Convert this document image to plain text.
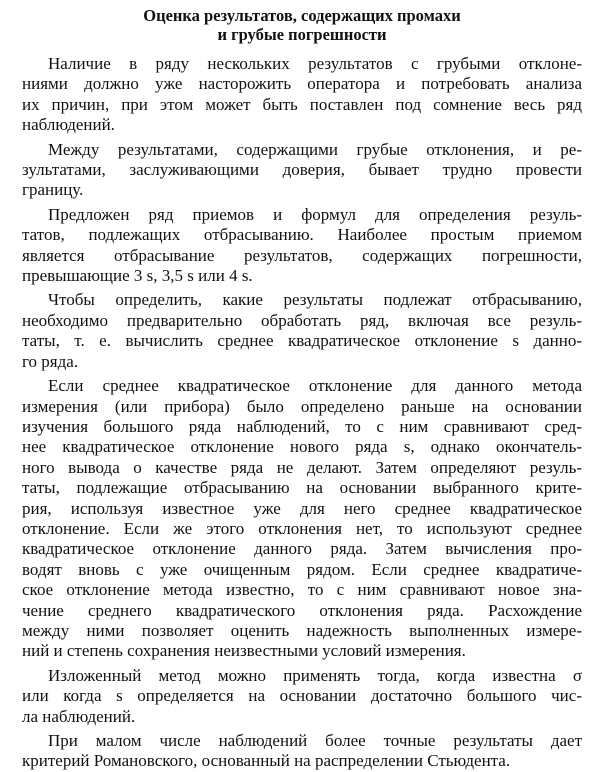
Оценка результатов, содержащих промахи
и грубые погрешности
Наличие в ряду нескольких результатов с грубыми отклоне-
ниями должно уже насторожить оператора и потребовать анализа
их причин, при этом может быть поставлен под сомнение весь ряд
наблюдений.
Между результатами, содержащими грубые отклонения, и ре-
зультатами, заслуживающими доверия, бывает трудно провести
границу.
Предложен ряд приемов и формул для определения резуль-
татов, подлежащих отбрасыванию. Наиболее простым приемом
является отбрасывание результатов, содержащих погрешности,
превышающие 3 s, 3,5 s или 4 s.
Чтобы определить, какие результаты подлежат отбрасыванию,
необходимо предварительно обработать ряд, включая все резуль-
таты, т. е. вычислить среднее квадратическое отклонение s данно-
го ряда.
Если среднее квадратическое отклонение для данного метода
измерения (или прибора) было определено раньше на основании
изучения большого ряда наблюдений, то с ним сравнивают сред-
нее квадратическое отклонение нового ряда s, однако окончатель-
ного вывода о качестве ряда не делают. Затем определяют резуль-
таты, подлежащие отбрасыванию на основании выбранного крите-
рия, используя известное уже для него среднее квадратическое
отклонение. Если же этого отклонения нет, то используют среднее
квадратическое отклонение данного ряда. Затем вычисления про-
водят вновь с уже очищенным рядом. Если среднее квадратиче-
ское отклонение метода известно, то с ним сравнивают новое зна-
чение среднего квадратического отклонения ряда. Расхождение
между ними позволяет оценить надежность выполненных измере-
ний и степень сохранения неизвестными условий измерения.
Изложенный метод можно применять тогда, когда известна σ
или когда s определяется на основании достаточно большого чис-
ла наблюдений.
При малом числе наблюдений более точные результаты дает
критерий Романовского, основанный на распределении Стьюдента.
